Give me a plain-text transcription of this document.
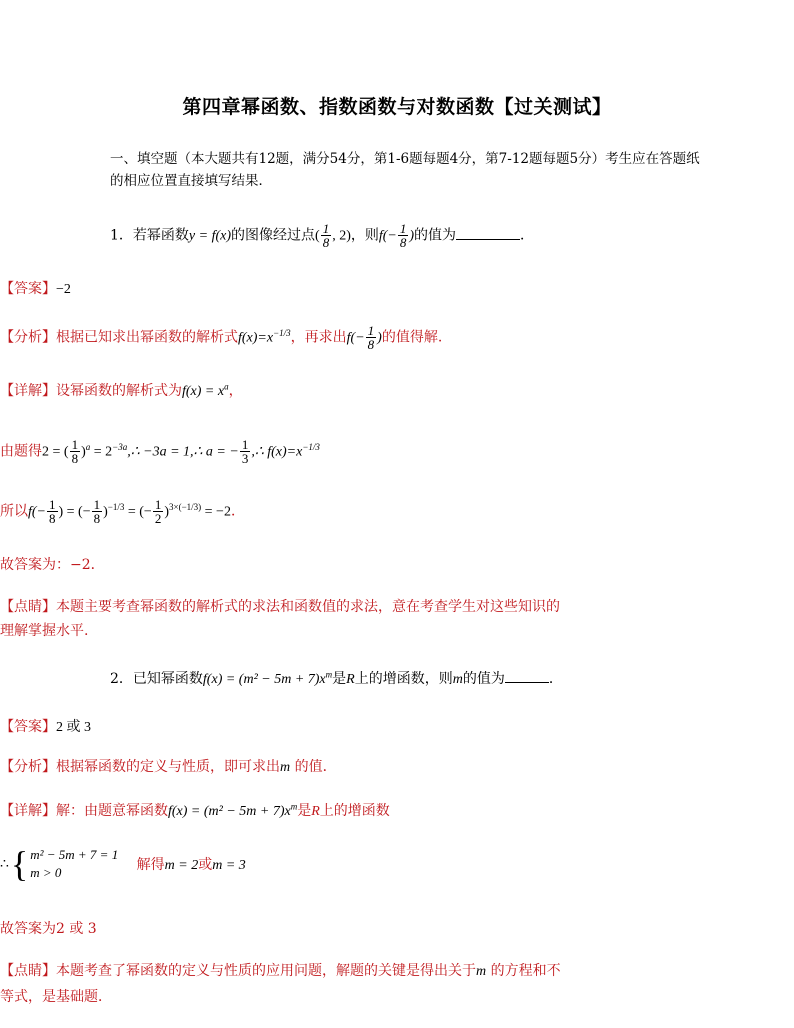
第四章幂函数、指数函数与对数函数【过关测试】
一、填空题（本大题共有12题，满分54分，第1-6题每题4分，第7-12题每题5分）考生应在答题纸
的相应位置直接填写结果．
1．若幂函数y = f(x)的图像经过点( $\frac{1}{8}$ , 2)，则$f(- \frac{1}{8}$ )的值为	．
【答案】−2
【分析】根据已知求出幂函数的解析式$f(x)=x^{-1/3}$，再求出$f(- \frac{1}{8}$ )的值得解.
【详解】设幂函数的解析式为$f(x) = x^a$，
由题得2 = ( $\frac{1}{8} )^a$ = $2^{-3a},\therefore -3a$ = 1,∴ a = − $\frac{1}{3}$ ,∴ $f(x)=x^{-1/3}$
所以$f(- \frac{1}{8}$ ) = (− $\frac{1}{8} )^{-1/3}$ = (− $\frac{1}{2} )^{3\times(-1/3)} = -2$．
故答案为：−2．
【点睛】本题主要考查幂函数的解析式的求法和函数值的求法，意在考查学生对这些知识的
理解掌握水平.
2．已知幂函数$f(x) = (m^2 - 5m + 7)x^m$是R上的增函数，则m的值为	．
【答案】2 或 3
【分析】根据幂函数的定义与性质，即可求出m 的值．
【详解】解：由题意幂函数$f(x) = (m^2 - 5m + 7)x^m$是R上的增函数
∴ { m² − 5m + 7 = 1
m > 0	解得m = 2或m = 3
故答案为2 或 3
【点睛】本题考查了幂函数的定义与性质的应用问题，解题的关键是得出关于m 的方程和不
等式，是基础题．
